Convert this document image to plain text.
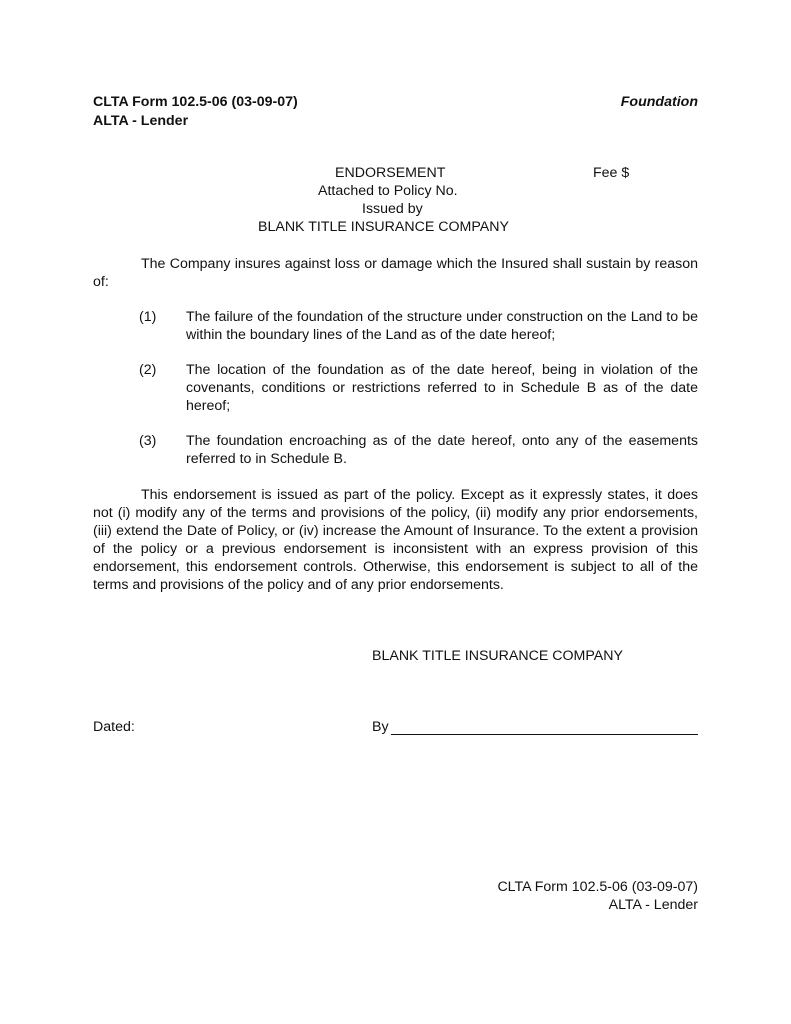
CLTA Form 102.5-06 (03-09-07)
ALTA - Lender
Foundation
ENDORSEMENT	Fee $
Attached to Policy No.
Issued by
BLANK TITLE INSURANCE COMPANY
The Company insures against loss or damage which the Insured shall sustain by reason of:
(1) The failure of the foundation of the structure under construction on the Land to be within the boundary lines of the Land as of the date hereof;
(2) The location of the foundation as of the date hereof, being in violation of the covenants, conditions or restrictions referred to in Schedule B as of the date hereof;
(3) The foundation encroaching as of the date hereof, onto any of the easements referred to in Schedule B.
This endorsement is issued as part of the policy. Except as it expressly states, it does not (i) modify any of the terms and provisions of the policy, (ii) modify any prior endorsements, (iii) extend the Date of Policy, or (iv) increase the Amount of Insurance. To the extent a provision of the policy or a previous endorsement is inconsistent with an express provision of this endorsement, this endorsement controls. Otherwise, this endorsement is subject to all of the terms and provisions of the policy and of any prior endorsements.
BLANK TITLE INSURANCE COMPANY
Dated:	By
CLTA Form 102.5-06 (03-09-07)
ALTA - Lender
